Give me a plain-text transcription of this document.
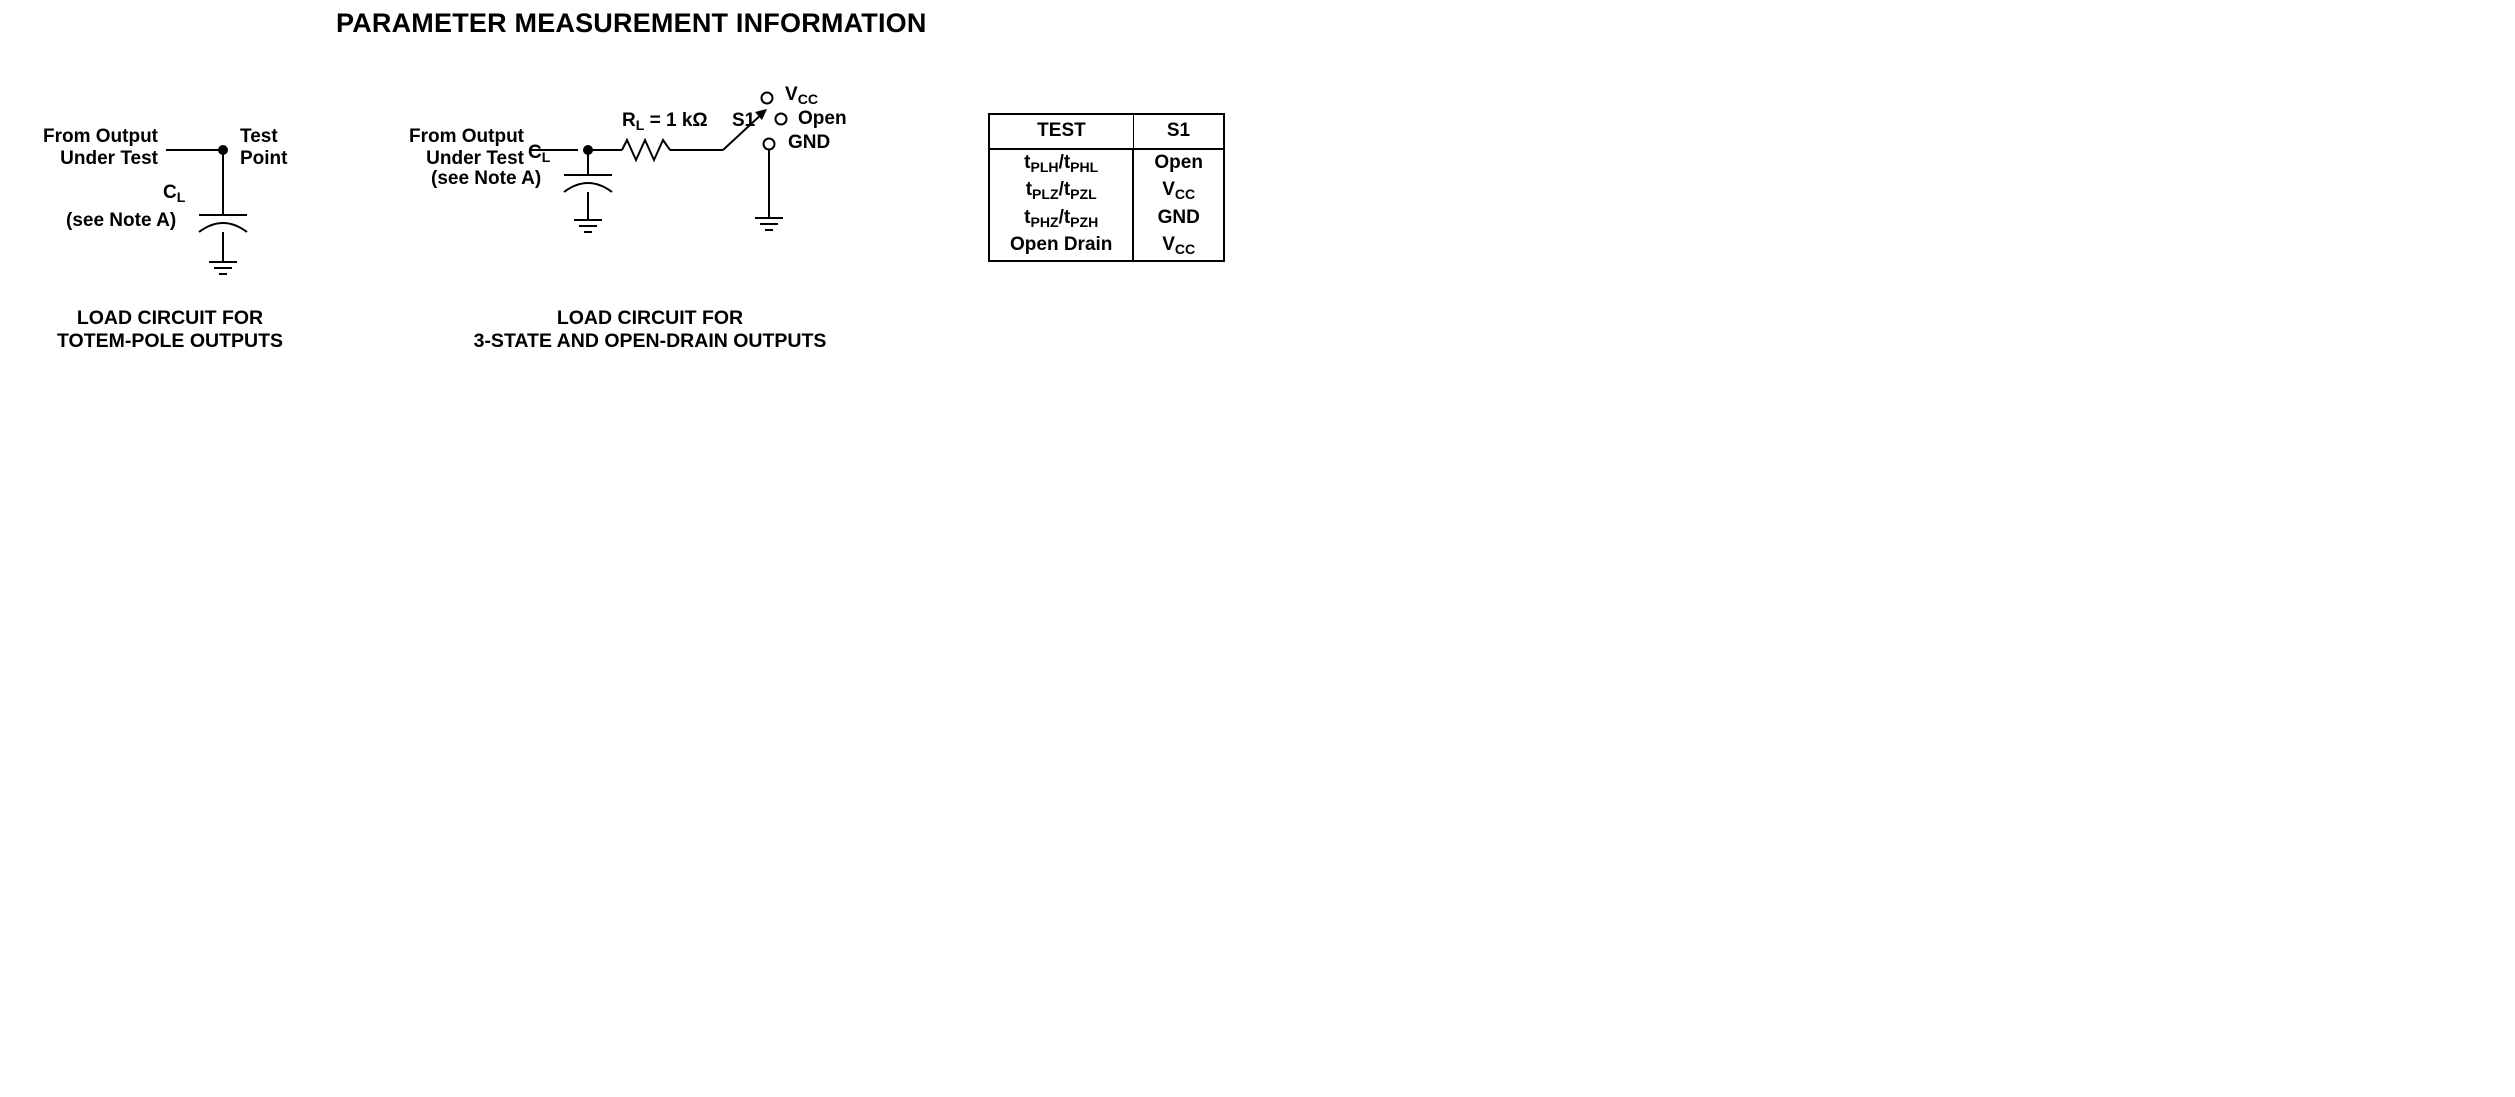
PARAMETER MEASUREMENT INFORMATION
From Output
Under Test
Test
Point
$C_L$
(see Note A)
LOAD CIRCUIT FOR
TOTEM-POLE OUTPUTS
From Output
Under Test
$R_L = 1$ kΩ S1
$V_{CC}$
Open
GND
$C_L$
(see Note A)
LOAD CIRCUIT FOR
3-STATE AND OPEN-DRAIN OUTPUTS
TEST	S1
$t_{PLH}/t_{PHL}$	Open
$t_{PLZ}/t_{PZL}$	$V_{CC}$
$t_{PHZ}/t_{PZH}$	GND
Open Drain	$V_{CC}$
